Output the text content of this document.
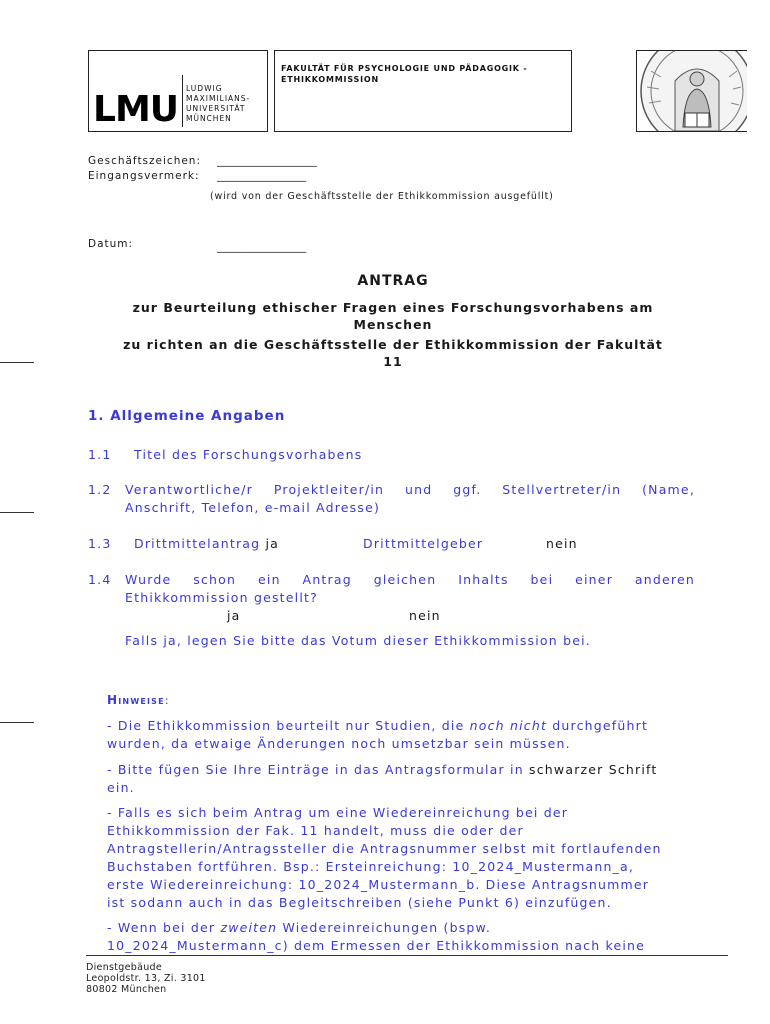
LMU
LUDWIG
MAXIMILIANS-
UNIVERSITÄT
MÜNCHEN
FAKULTÄT FÜR PSYCHOLOGIE UND PÄDAGOGIK -
ETHIKKOMMISSION
Geschäftszeichen: ___________________
Eingangsvermerk: _________________
(wird von der Geschäftsstelle der Ethikkommission ausgefüllt)
Datum:	_________________
ANTRAG
zur Beurteilung ethischer Fragen eines Forschungsvorhabens am
Menschen
zu richten an die Geschäftsstelle der Ethikkommission der Fakultät
11
1. Allgemeine Angaben
1.1 Titel des Forschungsvorhabens
1.2 Verantwortliche/r Projektleiter/in und ggf. Stellvertreter/in (Name,
Anschrift, Telefon, e-mail Adresse)
1.3 Drittmittelantrag ja	Drittmittelgeber	nein
1.4 Wurde schon ein Antrag gleichen Inhalts bei einer anderen
Ethikkommission gestellt?
ja	nein
Falls ja, legen Sie bitte das Votum dieser Ethikkommission bei.
Hinweise:
- Die Ethikkommission beurteilt nur Studien, die noch nicht durchgeführt
wurden, da etwaige Änderungen noch umsetzbar sein müssen.
- Bitte fügen Sie Ihre Einträge in das Antragsformular in schwarzer Schrift
ein.
- Falls es sich beim Antrag um eine Wiedereinreichung bei der
Ethikkommission der Fak. 11 handelt, muss die oder der
Antragstellerin/Antragssteller die Antragsnummer selbst mit fortlaufenden
Buchstaben fortführen. Bsp.: Ersteinreichung: 10_2024_Mustermann_a,
erste Wiedereinreichung: 10_2024_Mustermann_b. Diese Antragsnummer
ist sodann auch in das Begleitschreiben (siehe Punkt 6) einzufügen.
- Wenn bei der zweiten Wiedereinreichungen (bspw.
10_2024_Mustermann_c) dem Ermessen der Ethikkommission nach keine
Dienstgebäude
Leopoldstr. 13, Zi. 3101
80802 München
